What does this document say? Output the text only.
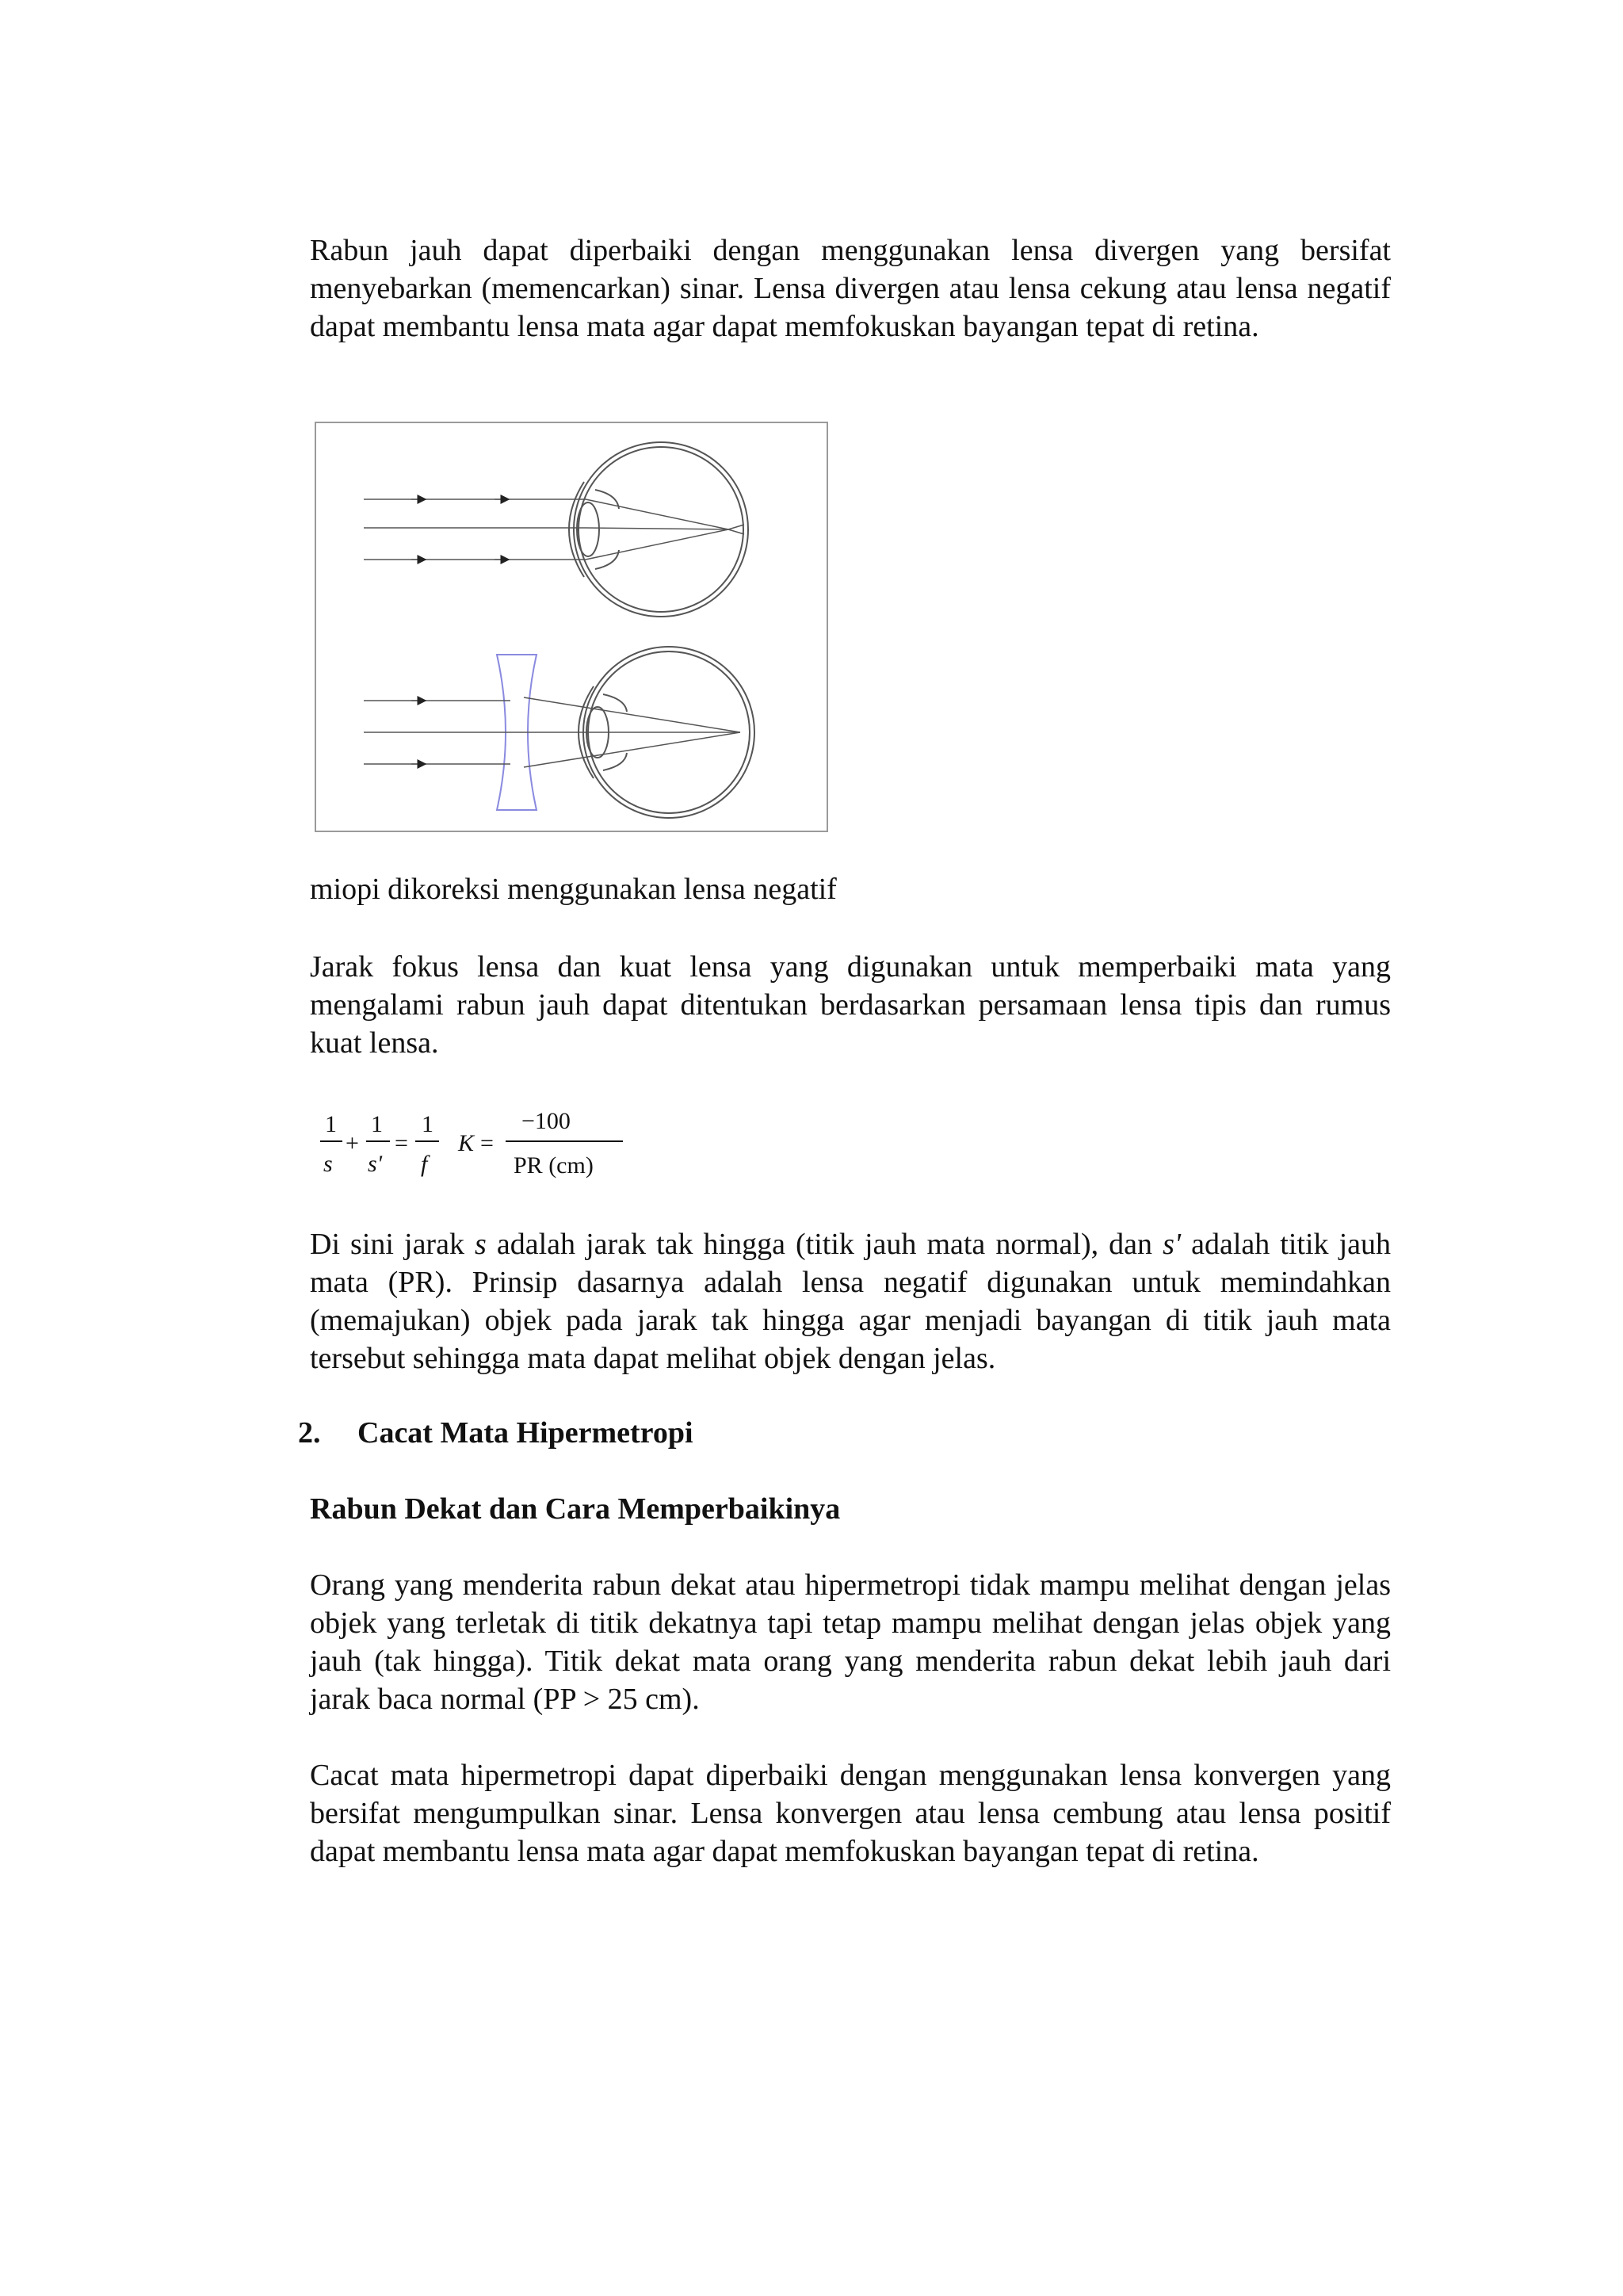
Rabun jauh dapat diperbaiki dengan menggunakan lensa divergen yang bersifat menyebarkan (memencarkan) sinar. Lensa divergen atau lensa cekung atau lensa negatif dapat membantu lensa mata agar dapat memfokuskan bayangan tepat di retina.

miopi dikoreksi menggunakan lensa negatif

Jarak fokus lensa dan kuat lensa yang digunakan untuk memperbaiki mata yang mengalami rabun jauh dapat ditentukan berdasarkan persamaan lensa tipis dan rumus kuat lensa.

1
s
+
1
s'
=
1
f
K =
−100
PR (cm)

Di sini jarak s adalah jarak tak hingga (titik jauh mata normal), dan s' adalah titik jauh mata (PR). Prinsip dasarnya adalah lensa negatif digunakan untuk memindahkan (memajukan) objek pada jarak tak hingga agar menjadi bayangan di titik jauh mata tersebut sehingga mata dapat melihat objek dengan jelas.

2. Cacat Mata Hipermetropi

Rabun Dekat dan Cara Memperbaikinya

Orang yang menderita rabun dekat atau hipermetropi tidak mampu melihat dengan jelas objek yang terletak di titik dekatnya tapi tetap mampu melihat dengan jelas objek yang jauh (tak hingga). Titik dekat mata orang yang menderita rabun dekat lebih jauh dari jarak baca normal (PP > 25 cm).

Cacat mata hipermetropi dapat diperbaiki dengan menggunakan lensa konvergen yang bersifat mengumpulkan sinar. Lensa konvergen atau lensa cembung atau lensa positif dapat membantu lensa mata agar dapat memfokuskan bayangan tepat di retina.
